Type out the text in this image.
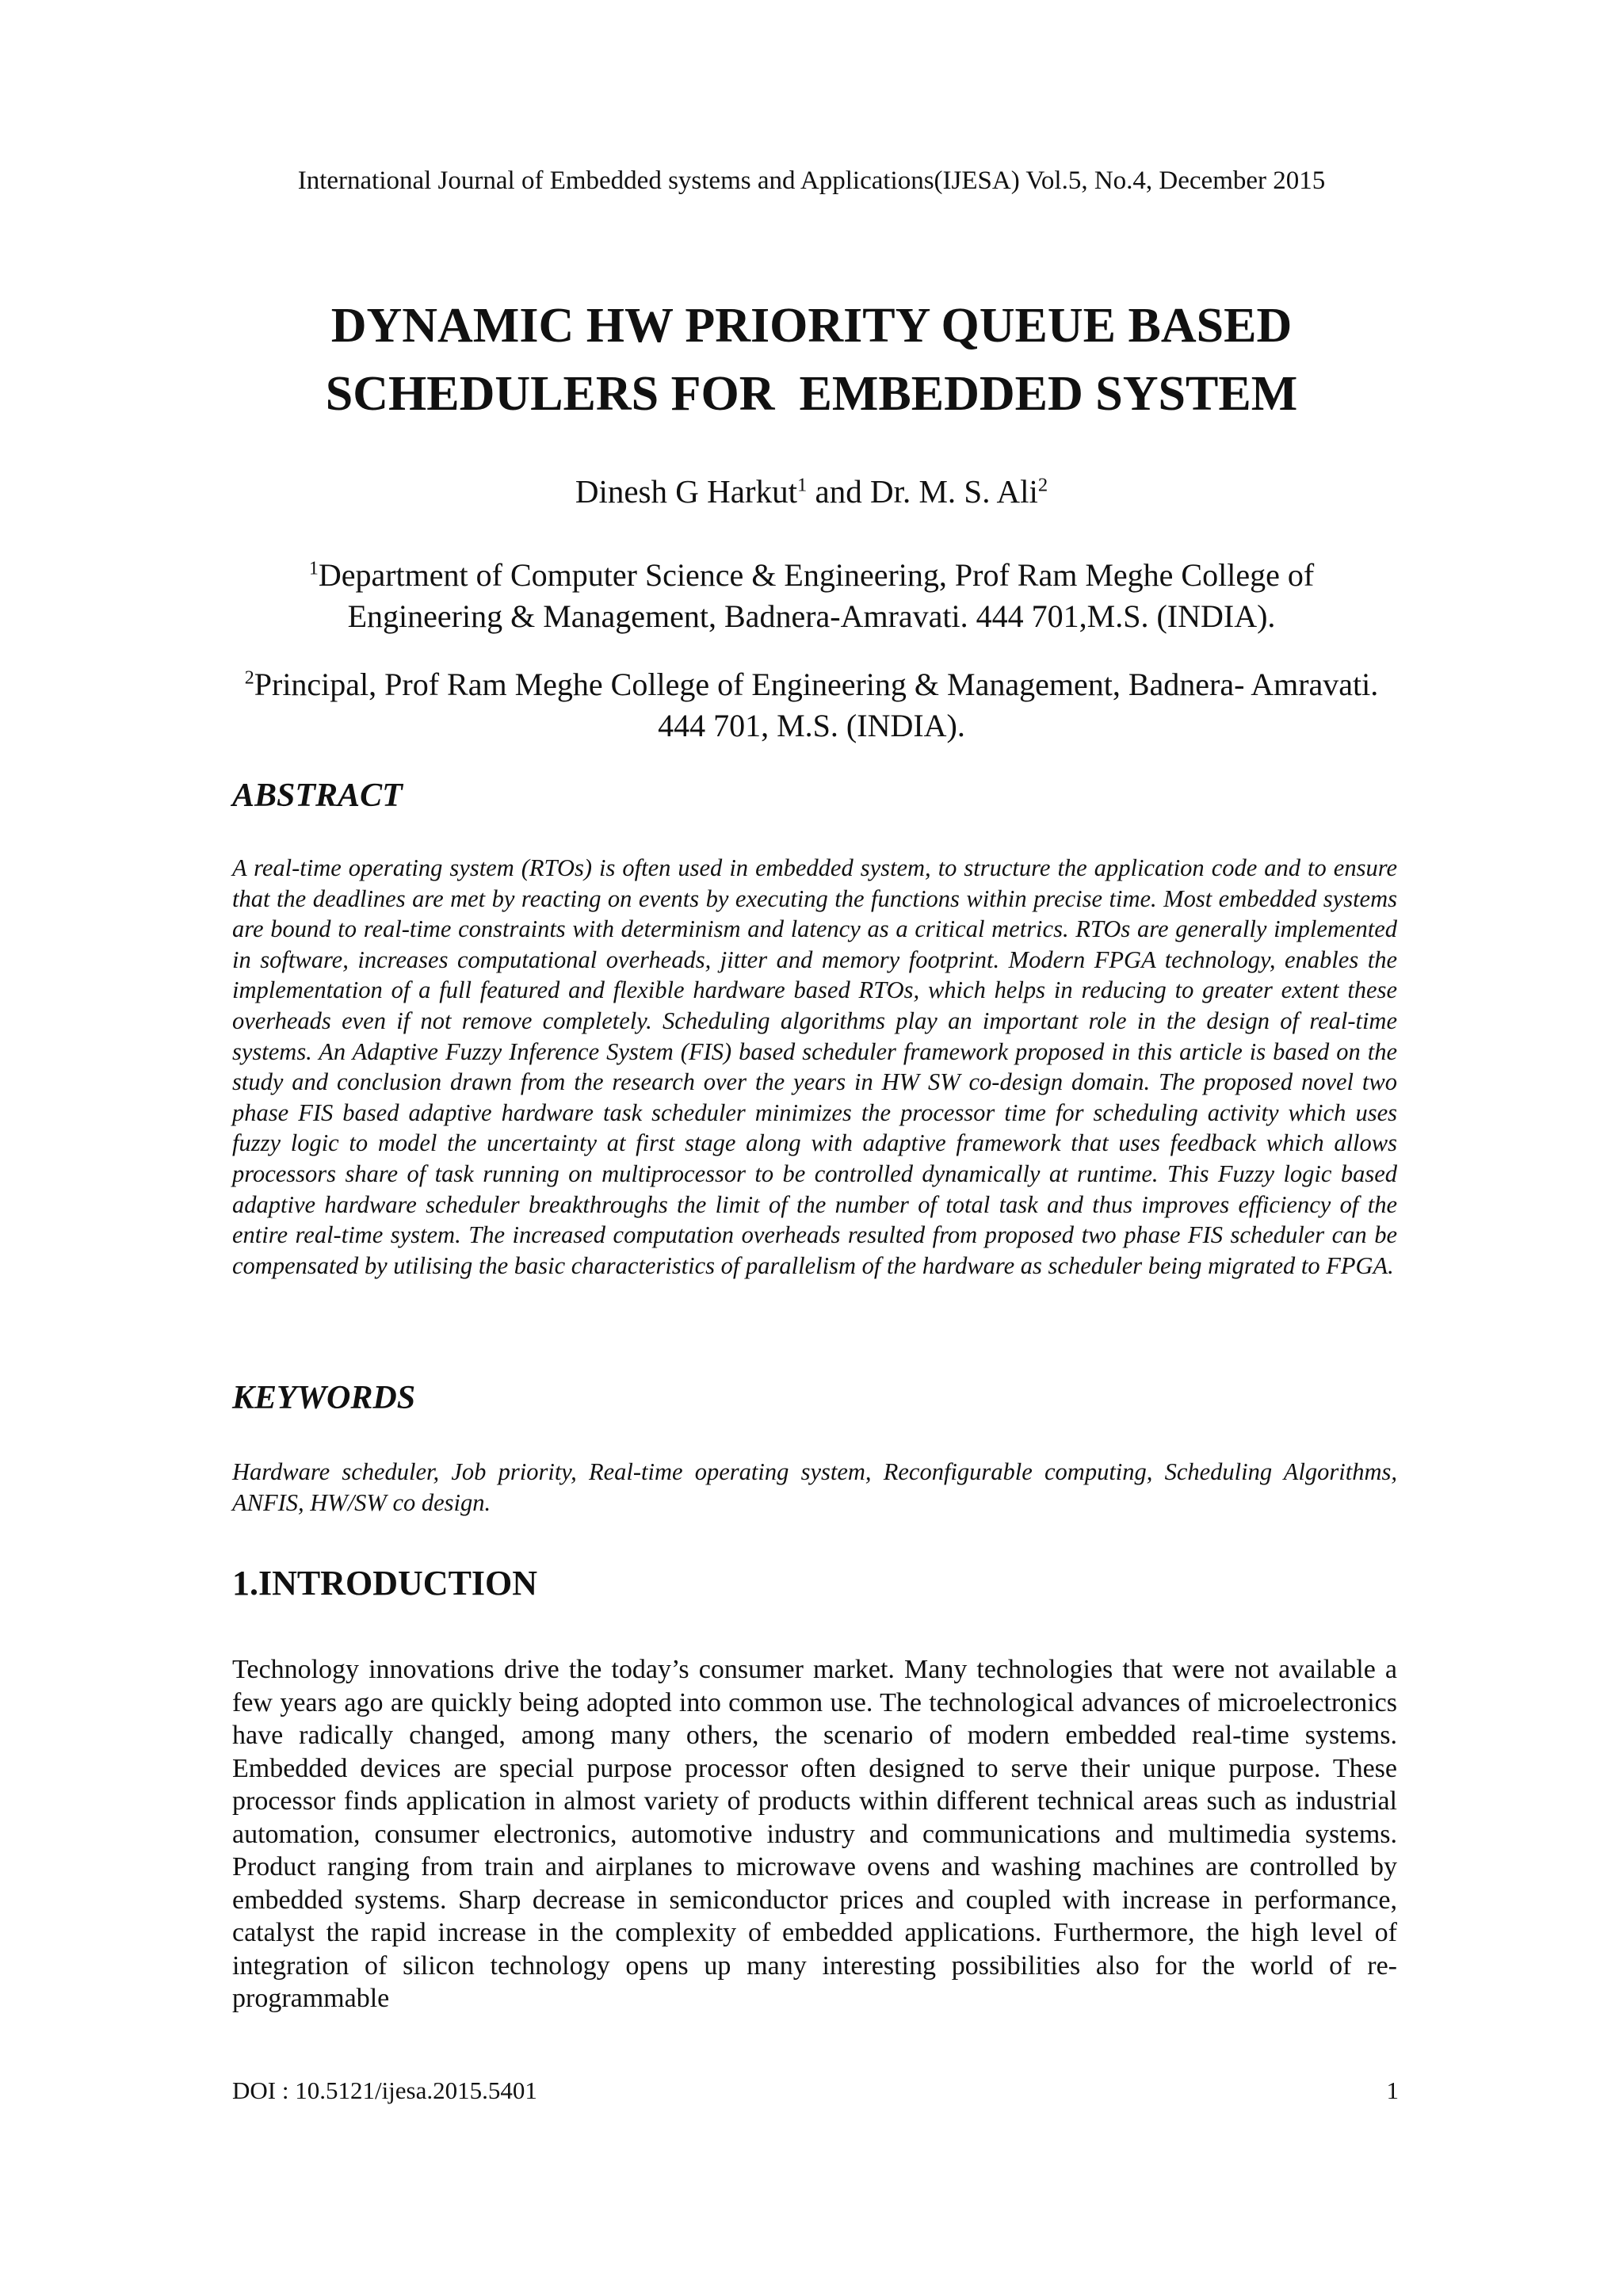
International Journal of Embedded systems and Applications(IJESA) Vol.5, No.4, December 2015
DYNAMIC HW PRIORITY QUEUE BASED
SCHEDULERS FOR  EMBEDDED SYSTEM
Dinesh G Harkut$^1$ and Dr. M. S. Ali$^2$
$^1$Department of Computer Science & Engineering, Prof Ram Meghe College of
Engineering & Management, Badnera-Amravati. 444 701,M.S. (INDIA).
$^2$Principal, Prof Ram Meghe College of Engineering & Management, Badnera- Amravati.
444 701, M.S. (INDIA).
ABSTRACT
A real-time operating system (RTOs) is often used in embedded system, to structure the application code and to ensure that the deadlines are met by reacting on events by executing the functions within precise time. Most embedded systems are bound to real-time constraints with determinism and latency as a critical metrics. RTOs are generally implemented in software, increases computational overheads, jitter and memory footprint. Modern FPGA technology, enables the implementation of a full featured and flexible hardware based RTOs, which helps in reducing to greater extent these overheads even if not remove completely. Scheduling algorithms play an important role in the design of real-time systems. An Adaptive Fuzzy Inference System (FIS) based scheduler framework proposed in this article is based on the study and conclusion drawn from the research over the years in HW SW co-design domain. The proposed novel two phase FIS based adaptive hardware task scheduler minimizes the processor time for scheduling activity which uses fuzzy logic to model the uncertainty at first stage along with adaptive framework that uses feedback which allows processors share of task running on multiprocessor to be controlled dynamically at runtime. This Fuzzy logic based adaptive hardware scheduler breakthroughs the limit of the number of total task and thus improves efficiency of the entire real-time system. The increased computation overheads resulted from proposed two phase FIS scheduler can be compensated by utilising the basic characteristics of parallelism of the hardware as scheduler being migrated to FPGA.
KEYWORDS
Hardware scheduler, Job priority, Real-time operating system, Reconfigurable computing, Scheduling Algorithms, ANFIS, HW/SW co design.
1.INTRODUCTION
Technology innovations drive the today’s consumer market. Many technologies that were not available a few years ago are quickly being adopted into common use. The technological advances of microelectronics have radically changed, among many others, the scenario of modern embedded real-time systems. Embedded devices are special purpose processor often designed to serve their unique purpose. These processor finds application in almost variety of products within different technical areas such as industrial automation, consumer electronics, automotive industry and communications and multimedia systems. Product ranging from train and airplanes to microwave ovens and washing machines are controlled by embedded systems. Sharp decrease in semiconductor prices and coupled with increase in performance, catalyst the rapid increase in the complexity of embedded applications. Furthermore, the high level of integration of silicon technology opens up many interesting possibilities also for the world of re-programmable
DOI : 10.5121/ijesa.2015.5401	1
